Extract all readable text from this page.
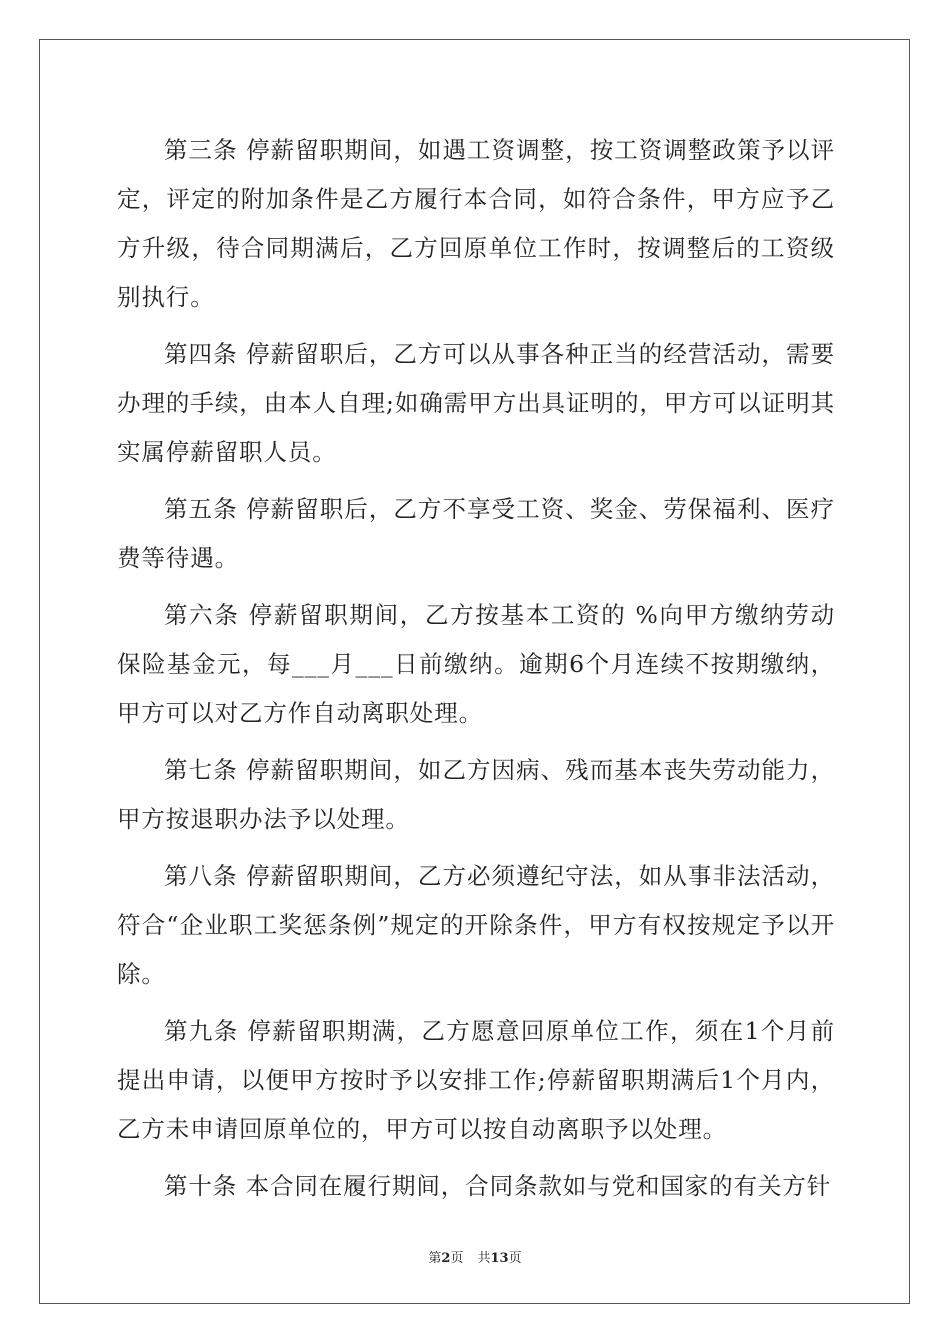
第三条 停薪留职期间，如遇工资调整，按工资调整政策予以评定，评定的附加条件是乙方履行本合同，如符合条件，甲方应予乙方升级，待合同期满后，乙方回原单位工作时，按调整后的工资级别执行。

第四条 停薪留职后，乙方可以从事各种正当的经营活动，需要办理的手续，由本人自理;如确需甲方出具证明的，甲方可以证明其实属停薪留职人员。

第五条 停薪留职后，乙方不享受工资、奖金、劳保福利、医疗费等待遇。

第六条 停薪留职期间，乙方按基本工资的 %向甲方缴纳劳动保险基金元，每___月___日前缴纳。逾期6个月连续不按期缴纳，甲方可以对乙方作自动离职处理。

第七条 停薪留职期间，如乙方因病、残而基本丧失劳动能力，甲方按退职办法予以处理。

第八条 停薪留职期间，乙方必须遵纪守法，如从事非法活动，符合“企业职工奖惩条例”规定的开除条件，甲方有权按规定予以开除。

第九条 停薪留职期满，乙方愿意回原单位工作，须在1个月前提出申请，以便甲方按时予以安排工作;停薪留职期满后1个月内，乙方未申请回原单位的，甲方可以按自动离职予以处理。

第十条 本合同在履行期间，合同条款如与党和国家的有关方针

第2页 共13页
